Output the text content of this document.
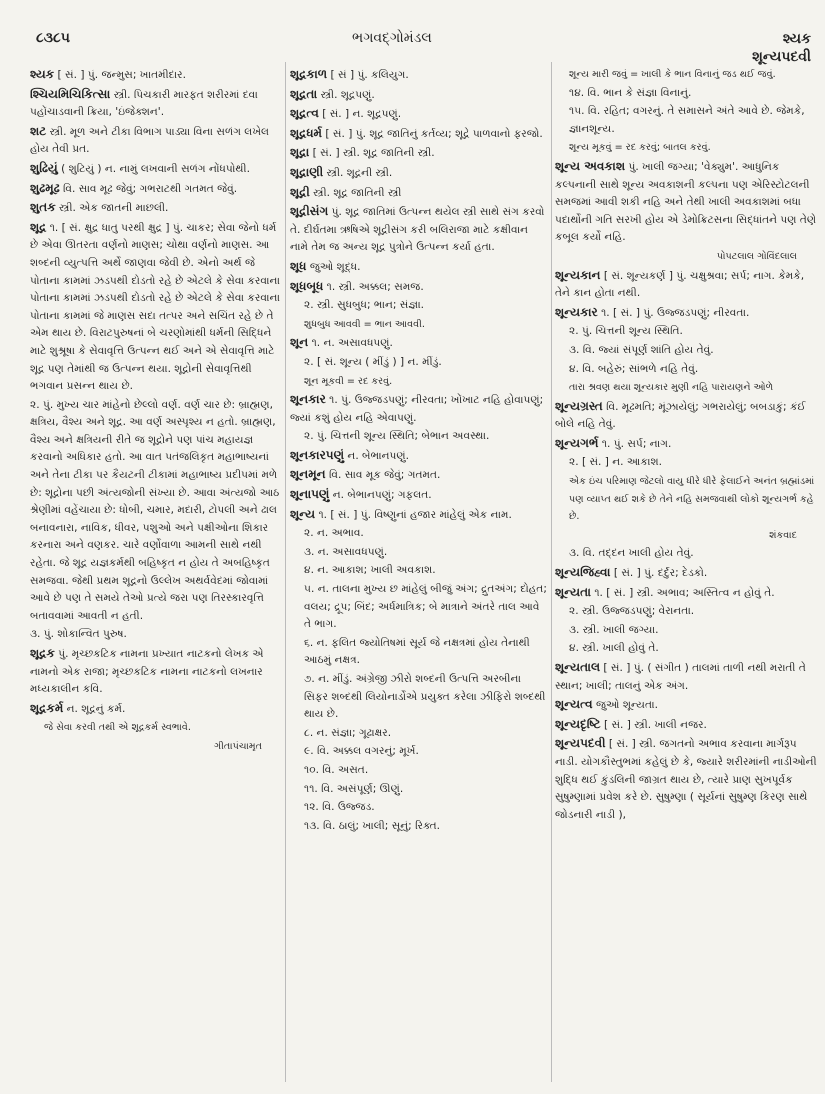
૮૩૮૫	ભગવદ્ગોમંડલ	શ્યક
શૂન્યપદવી
શ્યક [ સં. ] પું. જન્મુસ; ખાતમીદાર.
શ્ચિયમિચિકિત્સા સ્ત્રી. પિચકારી મારફત શરીરમાં દવા પહોંચાડવાની ક્રિયા, 'ઇંજેક્શન'.
શટ સ્ત્રી. મૂળ અને ટીકા વિભાગ પાડ્યા વિના સળંગ લખેલ હોય તેવી પ્રત.
શુઢિયું ( શુટિયું ) ન. નામું લખવાની સળંગ નોંધપોથી.
શુઢમૂઢ વિ. સાવ મૂઢ જેવું; ગભરાટથી ગતમત જેવું.
શુતક સ્ત્રી. એક જાતની માછલી.
શૂદ્ર ૧. [ સં. ક્ષુદ્ર ધાતુ પરથી ક્ષુદ્ર ] પું. ચાકર; સેવા જેનો ધર્મ છે એવા ઊતરતા વર્ણનો માણસ; ચોથા વર્ણનો માણસ. આ શબ્દની વ્યુત્પત્તિ અર્થે જાણવા જેવી છે. એનો અર્થ જે પોતાના કામમાં ઝડપથી દોડતો રહે છે એટલે કે સેવા કરવાના પોતાના કામમાં ઝડપથી દોડતો રહે છે એટલે કે સેવા કરવાના પોતાના કામમાં જે માણસ સદા તત્પર અને સચિંત રહે છે તે એમ થાય છે. વિરાટપુરુષનાં બે ચરણોમાંથી ધર્મની સિદ્ધિને માટે શુશ્રૂષા કે સેવાવૃત્તિ ઉત્પન્ન થઈ અને એ સેવાવૃત્તિ માટે શૂદ્ર પણ તેમાંથી જ ઉત્પન્ન થયા. શૂદ્રોની સેવાવૃત્તિથી ભગવાન પ્રસન્ન થાય છે.
૨. પું. મુખ્ય ચાર માંહેનો છેલ્લો વર્ણ. વર્ણ ચાર છે: બ્રાહ્મણ, ક્ષત્રિય, વૈશ્ય અને શૂદ્ર. આ વર્ણ અસ્પૃશ્ય ન હતો. બ્રાહ્મણ, વૈશ્ય અને ક્ષત્રિયની રીતે જ શૂદ્રોને પણ પાંચ મહાયજ્ઞ કરવાનો અધિકાર હતો. આ વાત પતંજલિકૃત મહાભાષ્યનાં અને તેના ટીકા પર કૈયટની ટીકામાં મહાભાષ્ય પ્રદીપમાં મળે છે: શૂદ્રોના પછી અંત્યજોની સંખ્યા છે. આવા અંત્યજો આઠ શ્રેણીમાં વહેંચાયા છે: ધોબી, ચમાર, મદારી, ટોપલી અને ઢાલ બનાવનારા, નાવિક, ધીવર, પશુઓ અને પક્ષીઓના શિકાર કરનારા અને વણકર. ચારે વર્ણોવાળા આમની સાથે નથી રહેતા. જે શૂદ્ર યજ્ઞકર્મથી બહિષ્કૃત ન હોય તે અબહિષ્કૃત સમજવા. જેથી પ્રથમ શૂદ્રનો ઉલ્લેખ અથર્વવેદમાં જોવામાં આવે છે પણ તે સમયે તેઓ પ્રત્યે જરા પણ તિરસ્કારવૃત્તિ બતાવવામાં આવતી ન હતી.
૩. પું. શોકાન્વિત પુરુષ.
શૂદ્રક પું. મૃચ્છકટિક નામના પ્રખ્યાત નાટકનો લેખક એ નામનો એક રાજા; મૃચ્છકટિક નામના નાટકનો લખનાર મધ્યકાલીન કવિ.
શૂદ્રકર્મ ન. શૂદ્રનું કર્મ.
જે સેવા કરવી તથી એ શૂદ્રકર્મ સ્વભાવે.
ગીતાપંચામૃત
શૂદ્રકાળ [ સં ] પું. કલિયુગ.
શૂદ્રતા સ્ત્રી. શૂદ્રપણું.
શૂદ્રત્વ [ સં. ] ન. શૂદ્રપણું.
શૂદ્રધર્મ [ સં. ] પું. શૂદ્ર જાતિનું કર્તવ્ય; શૂદ્રે પાળવાનો ફરજો.
શૂદ્રા [ સં. ] સ્ત્રી. શૂદ્ર જાતિની સ્ત્રી.
શૂદ્રાણી સ્ત્રી. શૂદ્રની સ્ત્રી.
શૂદ્રી સ્ત્રી. શૂદ્ર જાતિની સ્ત્રી
શૂદ્રીસંગ પું. શૂદ્ર જાતિમાં ઉત્પન્ન થયેલ સ્ત્રી સાથે સંગ કરવો તે. દીર્ઘતમા ઋષિએ શૂદ્રીસંગ કરી બલિરાજા માટે કક્ષીવાન નામે તેમ જ અન્ય શૂદ્ર પુત્રોને ઉત્પન્ન કર્યા હતા.
શૂધ જુઓ શૂદ્ધ.
શૂધબૂધ ૧. સ્ત્રી. અક્કલ; સમજ.
૨. સ્ત્રી. સુધબુધ; ભાન; સંજ્ઞા.
શુધબુધ આવવી = ભાન આવવી.
શૂન ૧. ન. અસાવધપણું.
૨. [ સં. શૂન્ય ( મીંડું ) ] ન. મીંડું.
શૂન મૂકવી = રદ કરવું.
શૂનકાર ૧. પું. ઉજ્જડપણું; નીરવતા; ખોંખાટ નહિ હોવાપણું; જ્યાં કશું હોય નહિ એવાપણું.
૨. પું. ચિત્તની શૂન્ય સ્થિતિ; બેભાન અવસ્થા.
શૂનકારપણું ન. બેભાનપણું.
શૂનમૂન વિ. સાવ મૂક જેવું; ગતમત.
શૂનાપણું ન. બેભાનપણું; ગફલત.
શૂન્ય ૧. [ સં. ] પું. વિષ્ણુનાં હજાર માંહેલું એક નામ.
૨. ન. અભાવ.
૩. ન. અસાવધપણું.
૪. ન. આકાશ; ખાલી અવકાશ.
૫. ન. તાલના મુખ્ય છ માંહેલું બીજું અંગ; દ્રુતઅંગ; દોહત; વલય; દ્રૂપ; બિંદ; અર્ધમાત્રિક; બે માત્રાને અંતરે તાલ આવે તે ભાગ.
૬. ન. ફલિત જ્યોતિષમાં સૂર્ય જે નક્ષત્રમાં હોય તેનાથી આઠમું નક્ષત્ર.
૭. ન. મીંડું. અંગ્રેજી ઝીરો શબ્દની ઉત્પત્તિ અરબીના સિફર શબ્દથી લિયોનાર્ડોએ પ્રયુક્ત કરેલા ઝીફિરો શબ્દથી થાય છે.
૮. ન. સંજ્ઞા; ગૂઢાક્ષર.
૯. વિ. અક્કલ વગરનું; મૂર્ખ.
૧૦. વિ. અસત.
૧૧. વિ. અસંપૂર્ણ; ઊણું.
૧૨. વિ. ઉજ્જડ.
૧૩. વિ. ઠાલું; ખાલી; સૂનું; રિક્ત.
શૂન્ય મારી જવું = ખાલી કે ભાન વિનાનું જડ થઈ જવું.
૧૪. વિ. ભાન કે સંજ્ઞા વિનાનું.
૧૫. વિ. રહિત; વગરનું. તે સમાસને અંતે આવે છે. જેમકે, જ્ઞાનશૂન્ય.
શૂન્ય મૂકવું = રદ કરવું; બાતલ કરવું.
શૂન્ય અવકાશ પું. ખાલી જગ્યા; 'વેક્યુમ'. આધુનિક કલ્પનાની સાથે શૂન્ય અવકાશની કલ્પના પણ એરિસ્ટોટલની સમજમાં આવી શકી નહિ અને તેથી ખાલી અવકાશમાં બધા પદાર્થોની ગતિ સરખી હોય એ ડેમોક્રિટસના સિદ્ધાંતને પણ તેણે કબૂલ કર્યો નહિ.
પોપટલાલ ગોવિંદલાલ
શૂન્યકાન [ સં. શૂન્યકર્ણ ] પું. ચક્ષુશ્રવા; સર્પ; નાગ. કેમકે, તેને કાન હોતા નથી.
શૂન્યકાર ૧. [ સં. ] પું. ઉજ્જડપણું; નીરવતા.
૨. પું. ચિત્તની શૂન્ય સ્થિતિ.
૩. વિ. જ્યાં સંપૂર્ણ શાંતિ હોય તેવું.
૪. વિ. બહેરું; સાંભળે નહિ તેવું.
તારા શ્રવણ થયા શૂન્યકાર મુણી નહિ પારાયણને ઓળે
શૂન્યગ્રસ્ત વિ. મૂઢમતિ; મૂંઝાયેલું; ગભરાયેલું; બબડાકું; કંઈ બોલે નહિ તેવું.
શૂન્યગર્ભ ૧. પું. સર્પ; નાગ.
૨. [ સં. ] ન. આકાશ.
એક ઇંચ પરિમાણ જેટલો વાયુ ધીરે ધીરે ફેલાઈને અનંત બ્રહ્માંડમાં પણ વ્યાપ્ત થઈ શકે છે તેને નહિ સમજવાથી લોકો શૂન્યગર્ભ કહે છે.
શંકવાદ
૩. વિ. તદ્દન ખાલી હોય તેવું.
શૂન્યજિહ્વા [ સં. ] પું. દર્દુર; દેડકો.
શૂન્યતા ૧. [ સં. ] સ્ત્રી. અભાવ; અસ્તિત્વ ન હોવું તે.
૨. સ્ત્રી. ઉજ્જડપણું; વેરાનતા.
૩. સ્ત્રી. ખાલી જગ્યા.
૪. સ્ત્રી. ખાલી હોવું તે.
શૂન્યતાલ [ સં. ] પું. ( સંગીત ) તાલમાં તાળી નથી મરાતી તે સ્થાન; ખાલી; તાલનું એક અંગ.
શૂન્યત્વ જુઓ શૂન્યતા.
શૂન્યદૃષ્ટિ [ સં. ] સ્ત્રી. ખાલી નજર.
શૂન્યપદવી [ સં. ] સ્ત્રી. જગતનો અભાવ કરવાના માર્ગરૂપ નાડી. યોગકૌસ્તુભમાં કહેલું છે કે, જ્યારે શરીરમાંની નાડીઓની શુદ્ધિ થઈ કુંડલિની જાગ્રત થાય છે, ત્યારે પ્રાણ સુખપૂર્વક સુષુમ્ણામાં પ્રવેશ કરે છે. સુષુમ્ણા ( સૂર્યનાં સુષુમ્ણ કિરણ સાથે જોડનારી નાડી ),
